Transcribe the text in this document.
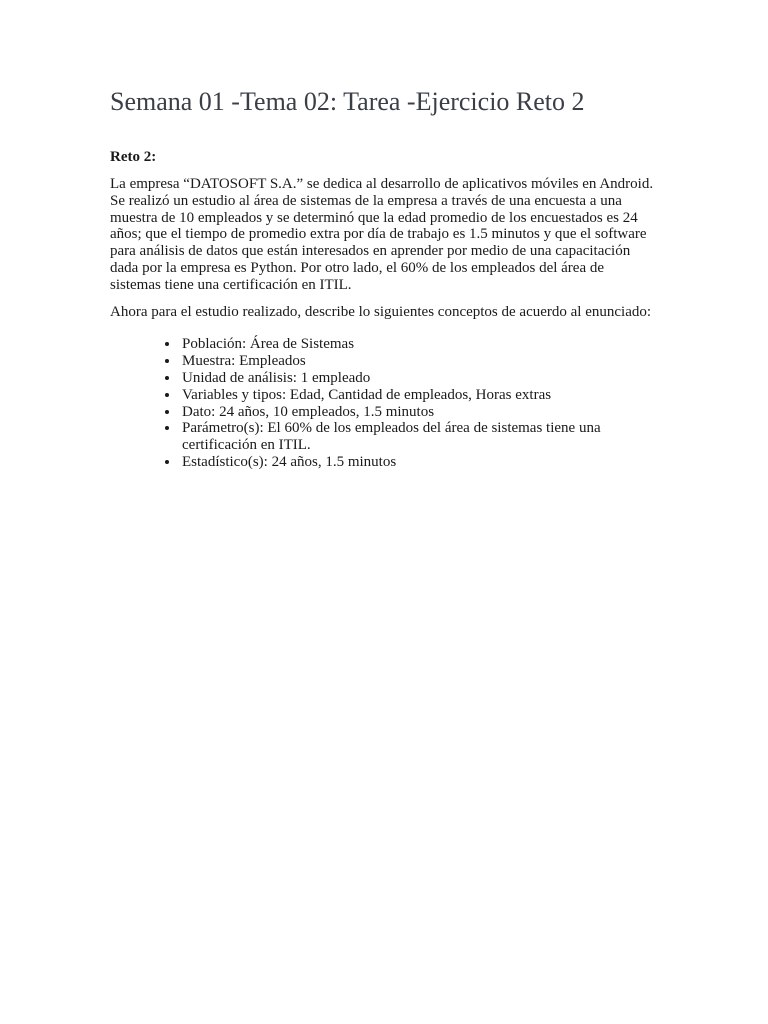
Semana 01 -Tema 02: Tarea -Ejercicio Reto 2
Reto 2:

La empresa “DATOSOFT S.A.” se dedica al desarrollo de aplicativos móviles en Android. Se realizó un estudio al área de sistemas de la empresa a través de una encuesta a una muestra de 10 empleados y se determinó que la edad promedio de los encuestados es 24 años; que el tiempo de promedio extra por día de trabajo es 1.5 minutos y que el software para análisis de datos que están interesados en aprender por medio de una capacitación dada por la empresa es Python. Por otro lado, el 60% de los empleados del área de sistemas tiene una certificación en ITIL.

Ahora para el estudio realizado, describe lo siguientes conceptos de acuerdo al enunciado:

• Población: Área de Sistemas
• Muestra: Empleados
• Unidad de análisis: 1 empleado
• Variables y tipos: Edad, Cantidad de empleados, Horas extras
• Dato: 24 años, 10 empleados, 1.5 minutos
• Parámetro(s): El 60% de los empleados del área de sistemas tiene una certificación en ITIL.
• Estadístico(s): 24 años, 1.5 minutos
